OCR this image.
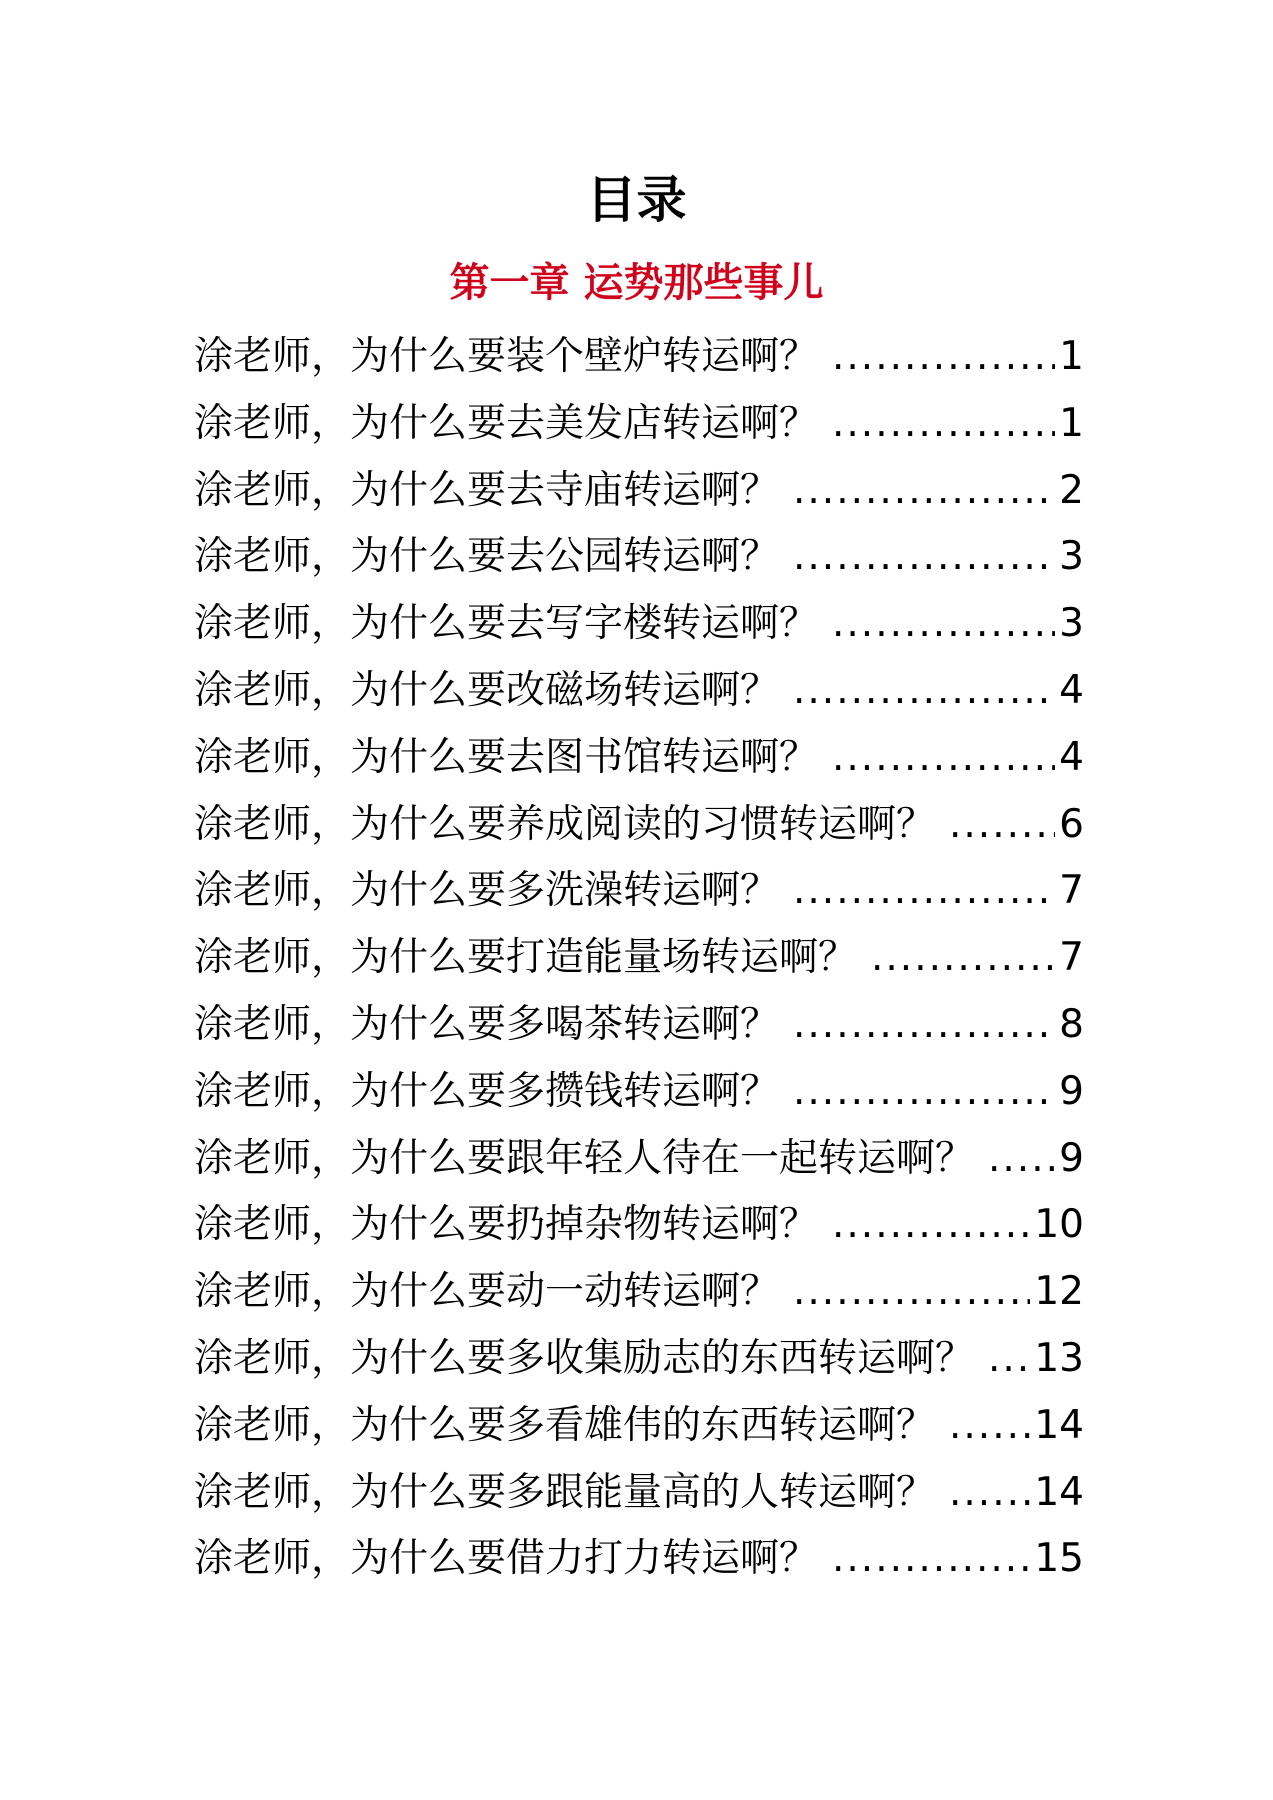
目录
第一章 运势那些事儿
涂老师，为什么要装个壁炉转运啊？ .....	1
涂老师，为什么要去美发店转运啊？ .....	1
涂老师，为什么要去寺庙转运啊？ .....	2
涂老师，为什么要去公园转运啊？ .....	3
涂老师，为什么要去写字楼转运啊？ .....	3
涂老师，为什么要改磁场转运啊？ .....	4
涂老师，为什么要去图书馆转运啊？ .....	4
涂老师，为什么要养成阅读的习惯转运啊？ .....	6
涂老师，为什么要多洗澡转运啊？ .....	7
涂老师，为什么要打造能量场转运啊？ .....	7
涂老师，为什么要多喝茶转运啊？ .....	8
涂老师，为什么要多攒钱转运啊？ .....	9
涂老师，为什么要跟年轻人待在一起转运啊？ ..... 9
涂老师，为什么要扔掉杂物转运啊？ .....	10
涂老师，为什么要动一动转运啊？ .....	12
涂老师，为什么要多收集励志的东西转运啊？ ..... 13
涂老师，为什么要多看雄伟的东西转运啊？ .....	14
涂老师，为什么要多跟能量高的人转运啊？ .....	14
涂老师，为什么要借力打力转运啊？ .....	15
